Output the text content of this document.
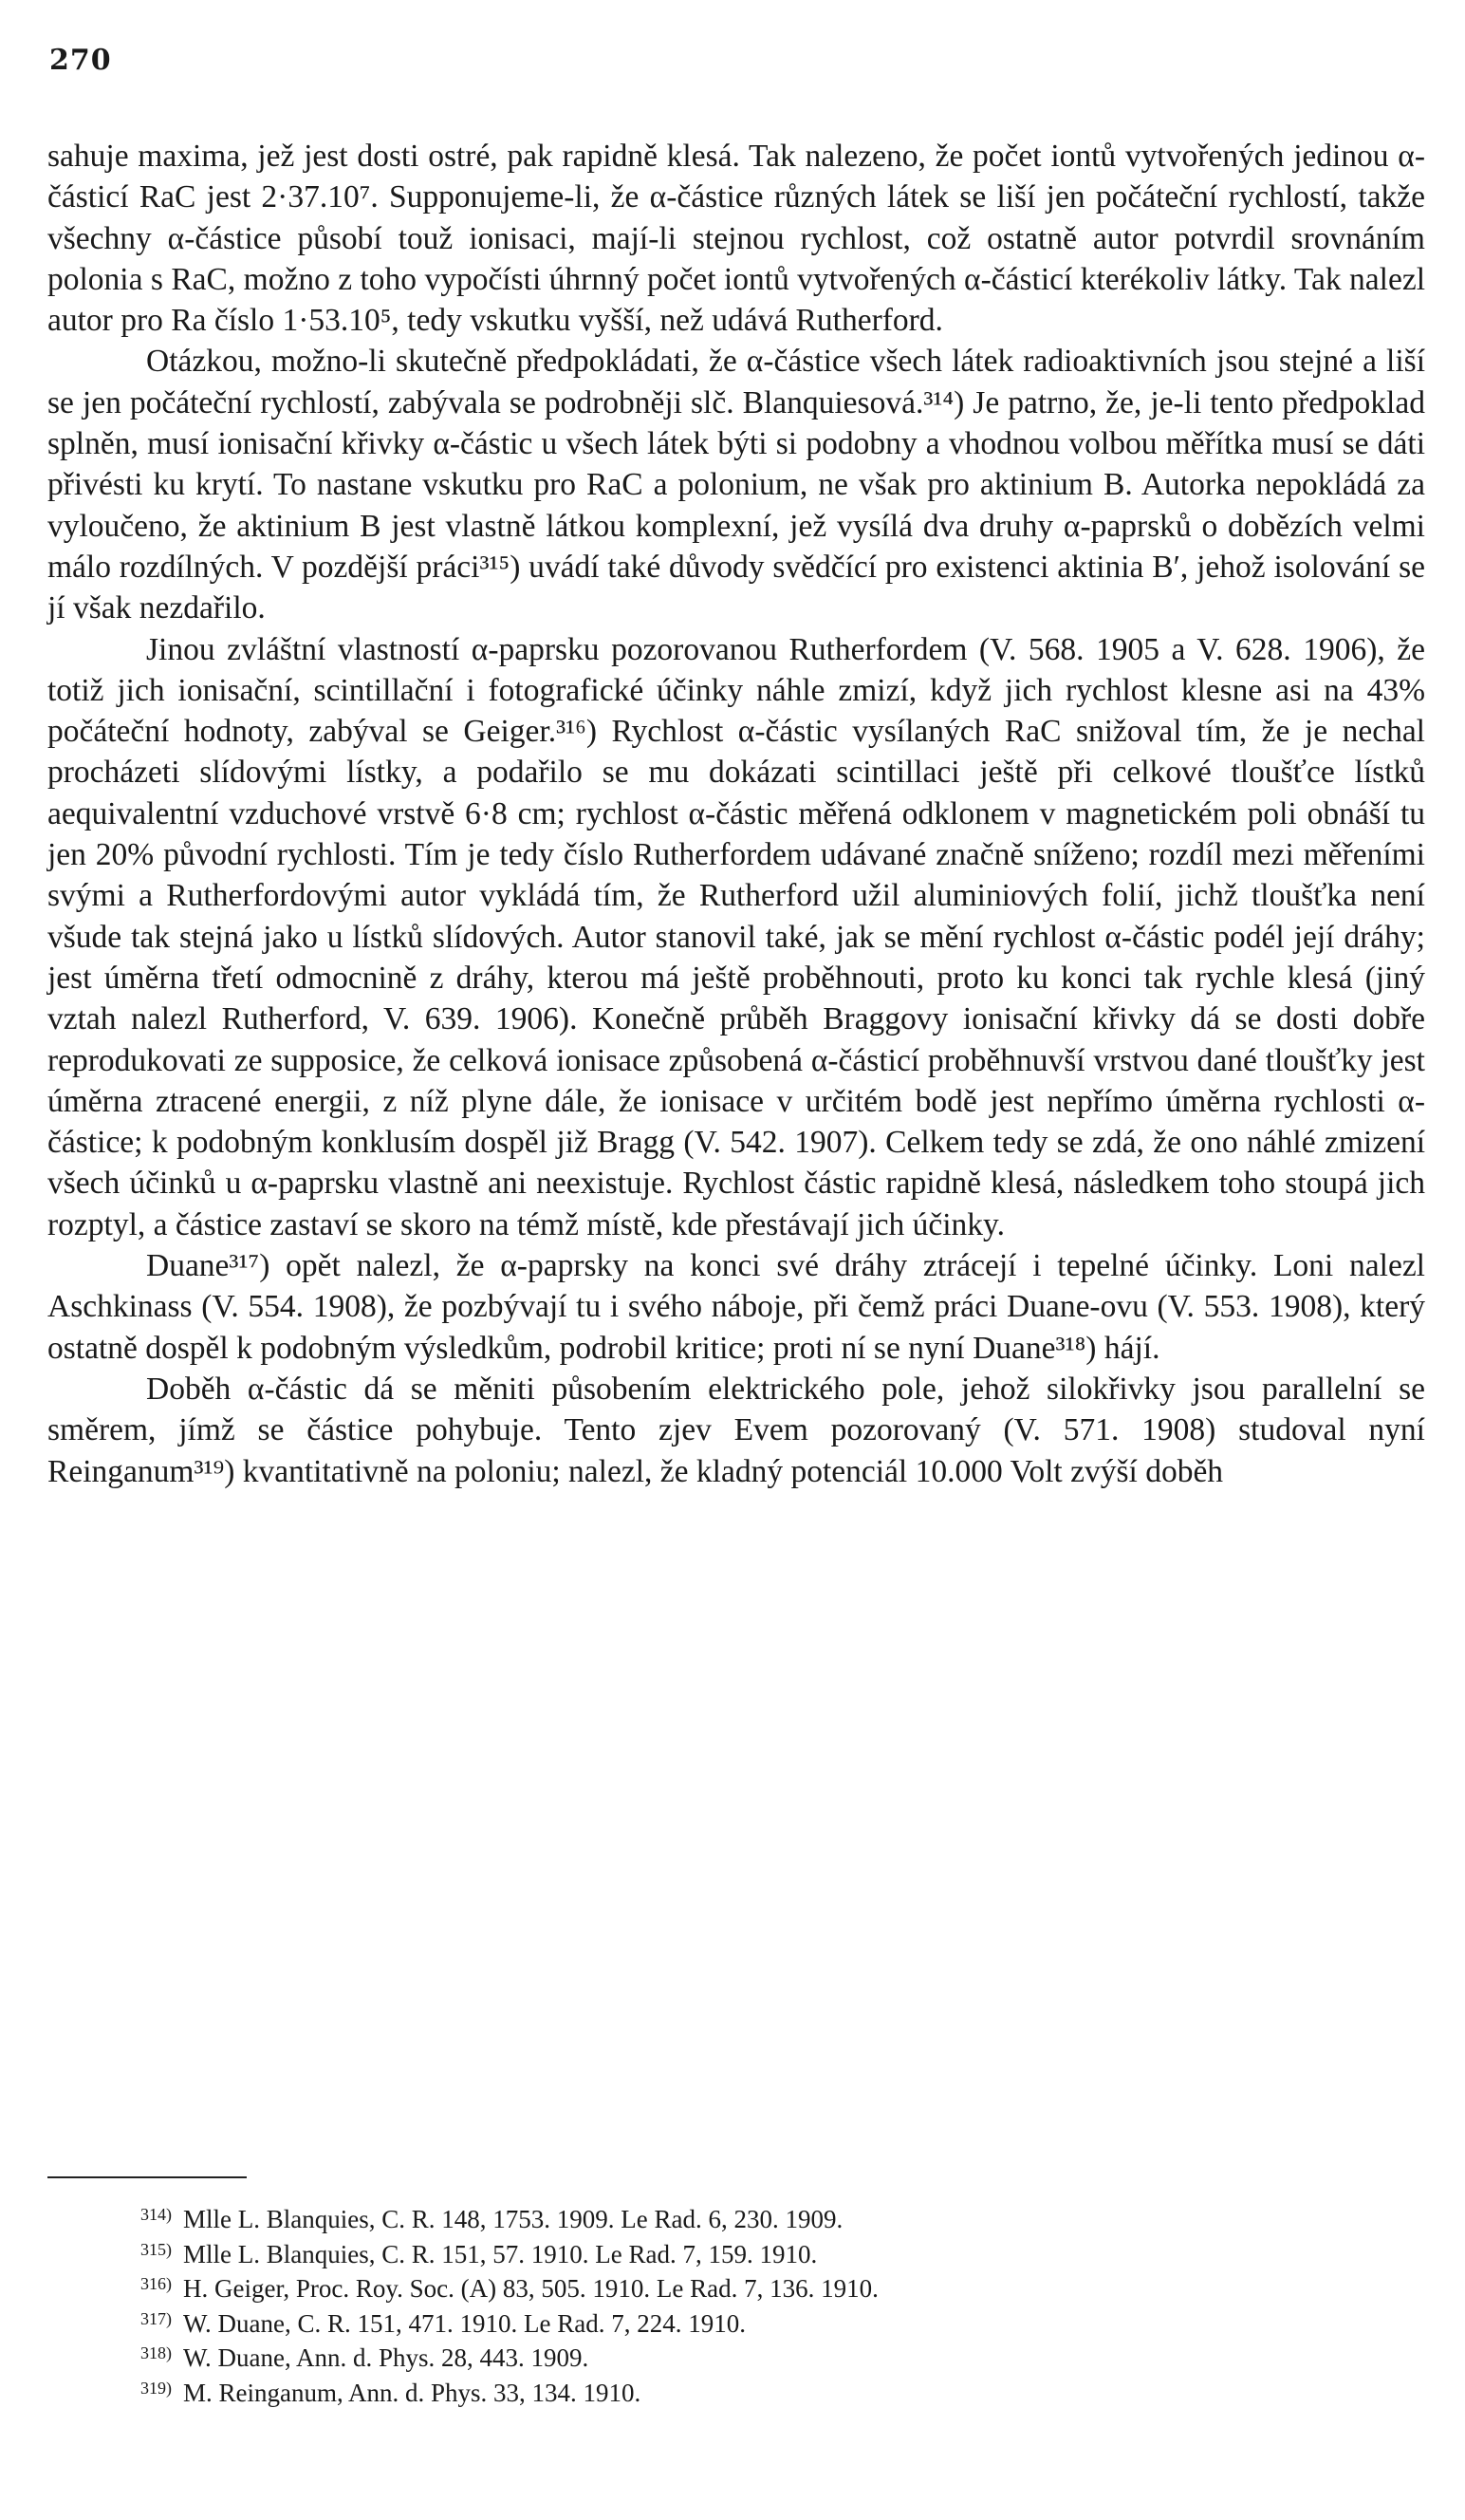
270

sahuje maxima, jež jest dosti ostré, pak rapidně klesá. Tak nalezeno, že počet iontů vytvořených jedinou α-částicí RaC jest 2·37.10⁷. Supponujeme-li, že α-částice různých látek se liší jen počáteční rychlostí, takže všechny α-částice působí touž ionisaci, mají-li stejnou rychlost, což ostatně autor potvrdil srovnáním polonia s RaC, možno z toho vypočísti úhrnný počet iontů vytvořených α-částicí kterékoliv látky. Tak nalezl autor pro Ra číslo 1·53.10⁵, tedy vskutku vyšší, než udává Rutherford.

Otázkou, možno-li skutečně předpokládati, že α-částice všech látek radioaktivních jsou stejné a liší se jen počáteční rychlostí, zabývala se podrobněji slč. Blanquiesová.³¹⁴) Je patrno, že, je-li tento předpoklad splněn, musí ionisační křivky α-částic u všech látek býti si podobny a vhodnou volbou měřítka musí se dáti přivésti ku krytí. To nastane vskutku pro RaC a polonium, ne však pro aktinium B. Autorka nepokládá za vyloučeno, že aktinium B jest vlastně látkou komplexní, jež vysílá dva druhy α-paprsků o dobězích velmi málo rozdílných. V pozdější práci³¹⁵) uvádí také důvody svědčící pro existenci aktinia B′, jehož isolování se jí však nezdařilo.

Jinou zvláštní vlastností α-paprsku pozorovanou Rutherfordem (V. 568. 1905 a V. 628. 1906), že totiž jich ionisační, scintillační i fotografické účinky náhle zmizí, když jich rychlost klesne asi na 43% počáteční hodnoty, zabýval se Geiger.³¹⁶) Rychlost α-částic vysílaných RaC snižoval tím, že je nechal procházeti slídovými lístky, a podařilo se mu dokázati scintillaci ještě při celkové tloušťce lístků aequivalentní vzduchové vrstvě 6·8 cm; rychlost α-částic měřená odklonem v magnetickém poli obnáší tu jen 20% původní rychlosti. Tím je tedy číslo Rutherfordem udávané značně sníženo; rozdíl mezi měřeními svými a Rutherfordovými autor vykládá tím, že Rutherford užil aluminiových folií, jichž tloušťka není všude tak stejná jako u lístků slídových. Autor stanovil také, jak se mění rychlost α-částic podél její dráhy; jest úměrna třetí odmocnině z dráhy, kterou má ještě proběhnouti, proto ku konci tak rychle klesá (jiný vztah nalezl Rutherford, V. 639. 1906). Konečně průběh Braggovy ionisační křivky dá se dosti dobře reprodukovati ze supposice, že celková ionisace způsobená α-částicí proběhnuvší vrstvou dané tloušťky jest úměrna ztracené energii, z níž plyne dále, že ionisace v určitém bodě jest nepřímo úměrna rychlosti α-částice; k podobným konklusím dospěl již Bragg (V. 542. 1907). Celkem tedy se zdá, že ono náhlé zmizení všech účinků u α-paprsku vlastně ani neexistuje. Rychlost částic rapidně klesá, následkem toho stoupá jich rozptyl, a částice zastaví se skoro na témž místě, kde přestávají jich účinky.

Duane³¹⁷) opět nalezl, že α-paprsky na konci své dráhy ztrácejí i tepelné účinky. Loni nalezl Aschkinass (V. 554. 1908), že pozbývají tu i svého náboje, při čemž práci Duane-ovu (V. 553. 1908), který ostatně dospěl k podobným výsledkům, podrobil kritice; proti ní se nyní Duane³¹⁸) hájí.

Doběh α-částic dá se měniti působením elektrického pole, jehož silokřivky jsou parallelní se směrem, jímž se částice pohybuje. Tento zjev Evem pozorovaný (V. 571. 1908) studoval nyní Reinganum³¹⁹) kvantitativně na poloniu; nalezl, že kladný potenciál 10.000 Volt zvýší doběh

$^{314)}$ Mlle L. Blanquies, C. R. 148, 1753. 1909. Le Rad. 6, 230. 1909.
$^{315)}$ Mlle L. Blanquies, C. R. 151, 57. 1910. Le Rad. 7, 159. 1910.
$^{316)}$ H. Geiger, Proc. Roy. Soc. (A) 83, 505. 1910. Le Rad. 7, 136. 1910.
$^{317)}$ W. Duane, C. R. 151, 471. 1910. Le Rad. 7, 224. 1910.
$^{318)}$ W. Duane, Ann. d. Phys. 28, 443. 1909.
$^{319)}$ M. Reinganum, Ann. d. Phys. 33, 134. 1910.
